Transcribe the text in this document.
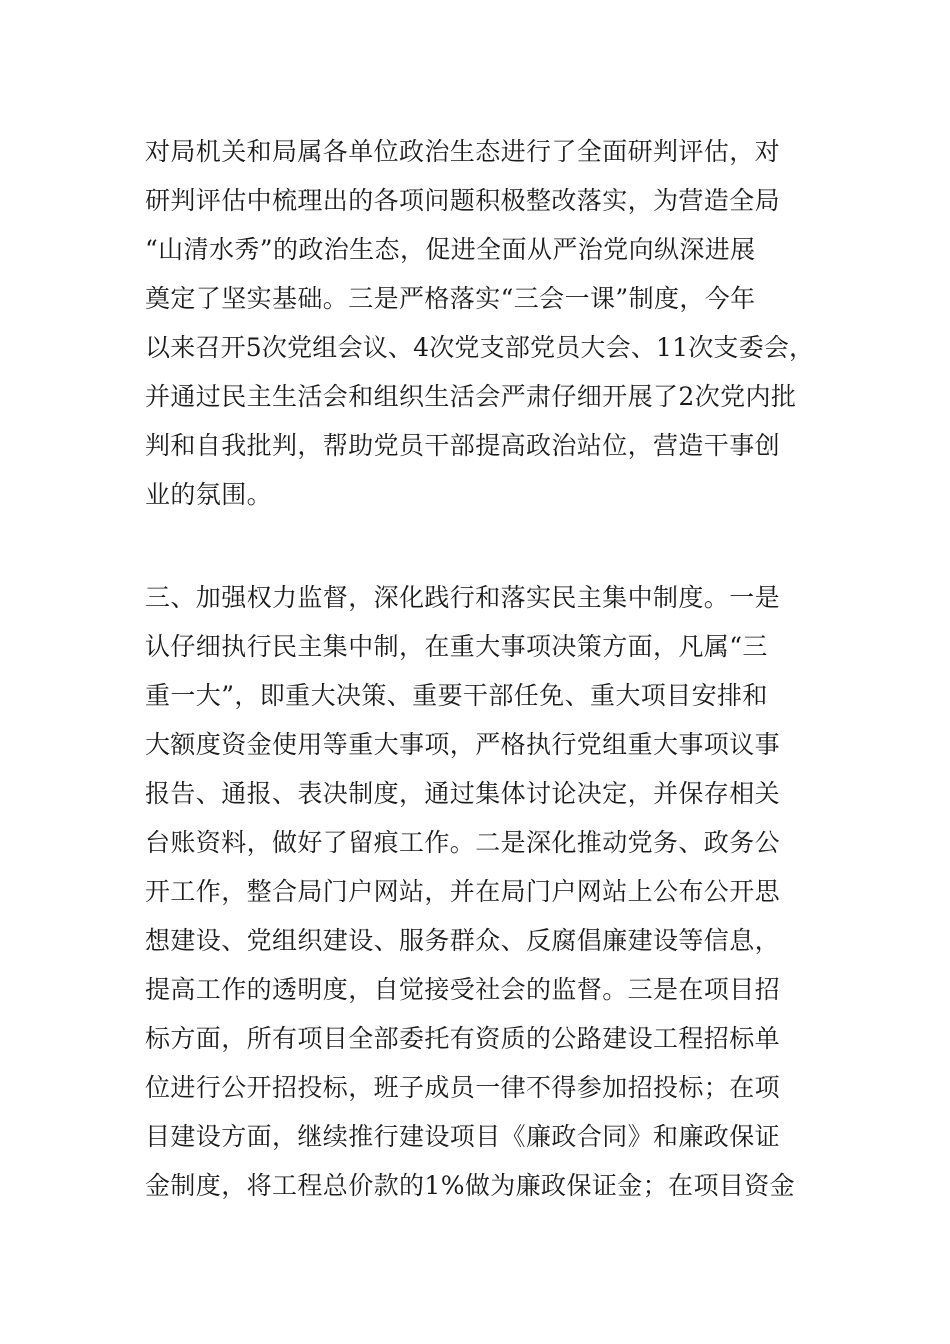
对局机关和局属各单位政治生态进行了全面研判评估，对
研判评估中梳理出的各项问题积极整改落实，为营造全局
“山清水秀”的政治生态，促进全面从严治党向纵深进展
奠定了坚实基础。三是严格落实“三会一课”制度，今年
以来召开5次党组会议、4次党支部党员大会、11次支委会，
并通过民主生活会和组织生活会严肃仔细开展了2次党内批
判和自我批判，帮助党员干部提高政治站位，营造干事创
业的氛围。
三、加强权力监督，深化践行和落实民主集中制度。一是
认仔细执行民主集中制，在重大事项决策方面，凡属“三
重一大”，即重大决策、重要干部任免、重大项目安排和
大额度资金使用等重大事项，严格执行党组重大事项议事
报告、通报、表决制度，通过集体讨论决定，并保存相关
台账资料，做好了留痕工作。二是深化推动党务、政务公
开工作，整合局门户网站，并在局门户网站上公布公开思
想建设、党组织建设、服务群众、反腐倡廉建设等信息，
提高工作的透明度，自觉接受社会的监督。三是在项目招
标方面，所有项目全部委托有资质的公路建设工程招标单
位进行公开招投标，班子成员一律不得参加招投标；在项
目建设方面，继续推行建设项目《廉政合同》和廉政保证
金制度，将工程总价款的1%做为廉政保证金；在项目资金
